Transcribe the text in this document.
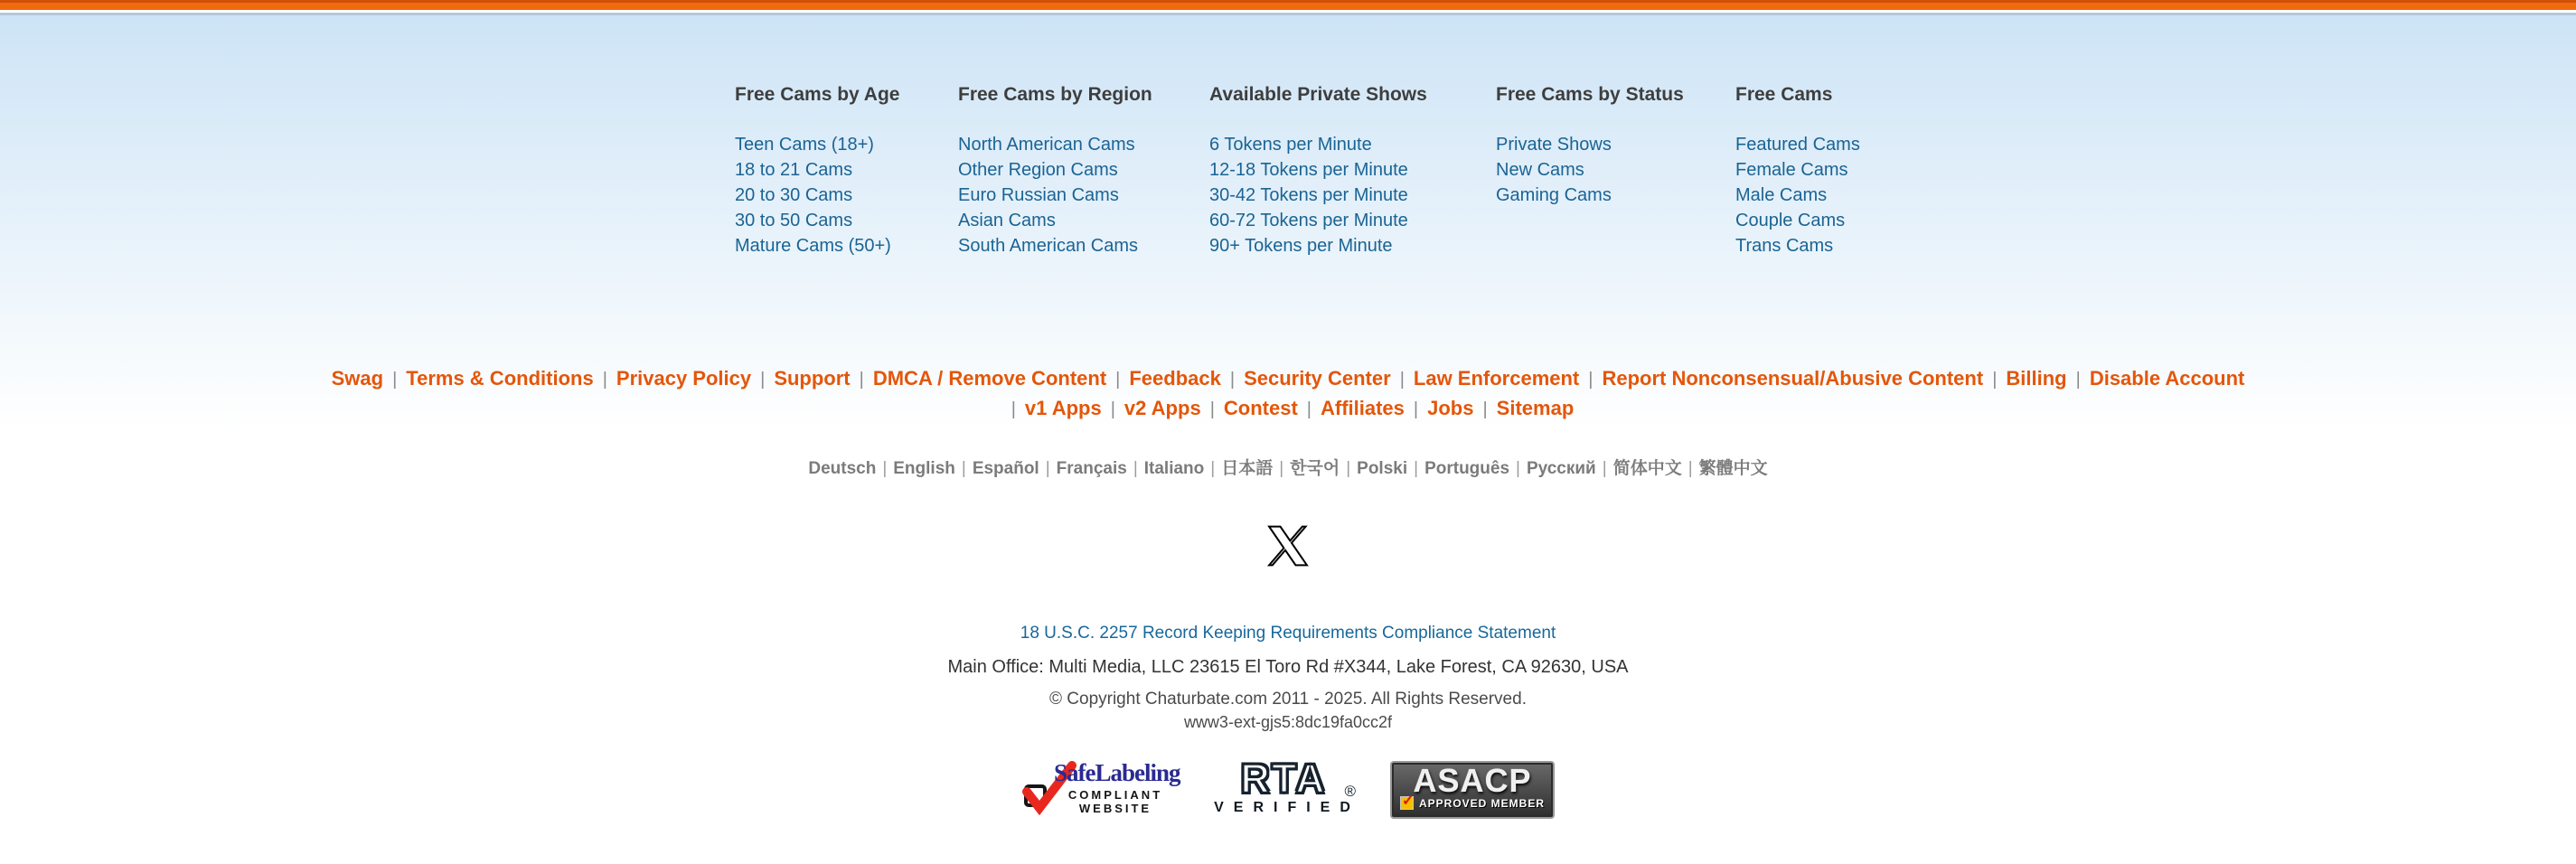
Free Cams by Age
Teen Cams (18+)
18 to 21 Cams
20 to 30 Cams
30 to 50 Cams
Mature Cams (50+)
Free Cams by Region
North American Cams
Other Region Cams
Euro Russian Cams
Asian Cams
South American Cams
Available Private Shows
6 Tokens per Minute
12-18 Tokens per Minute
30-42 Tokens per Minute
60-72 Tokens per Minute
90+ Tokens per Minute
Free Cams by Status
Private Shows
New Cams
Gaming Cams
Free Cams
Featured Cams
Female Cams
Male Cams
Couple Cams
Trans Cams
Swag | Terms & Conditions | Privacy Policy | Support | DMCA / Remove Content | Feedback | Security Center | Law Enforcement | Report Nonconsensual/Abusive Content | Billing | Disable Account
| v1 Apps | v2 Apps | Contest | Affiliates | Jobs | Sitemap
Deutsch | English | Español | Français | Italiano | 日本語 | 한국어 | Polski | Português | Русский | 简体中文 | 繁體中文
18 U.S.C. 2257 Record Keeping Requirements Compliance Statement
Main Office: Multi Media, LLC 23615 El Toro Rd #X344, Lake Forest, CA 92630, USA
© Copyright Chaturbate.com 2011 - 2025. All Rights Reserved.
www3-ext-gjs5:8dc19fa0cc2f
SafeLabeling
COMPLIANT
WEBSITE
RTA	®
VERIFIED
ASACP
✓ APPROVED MEMBER
